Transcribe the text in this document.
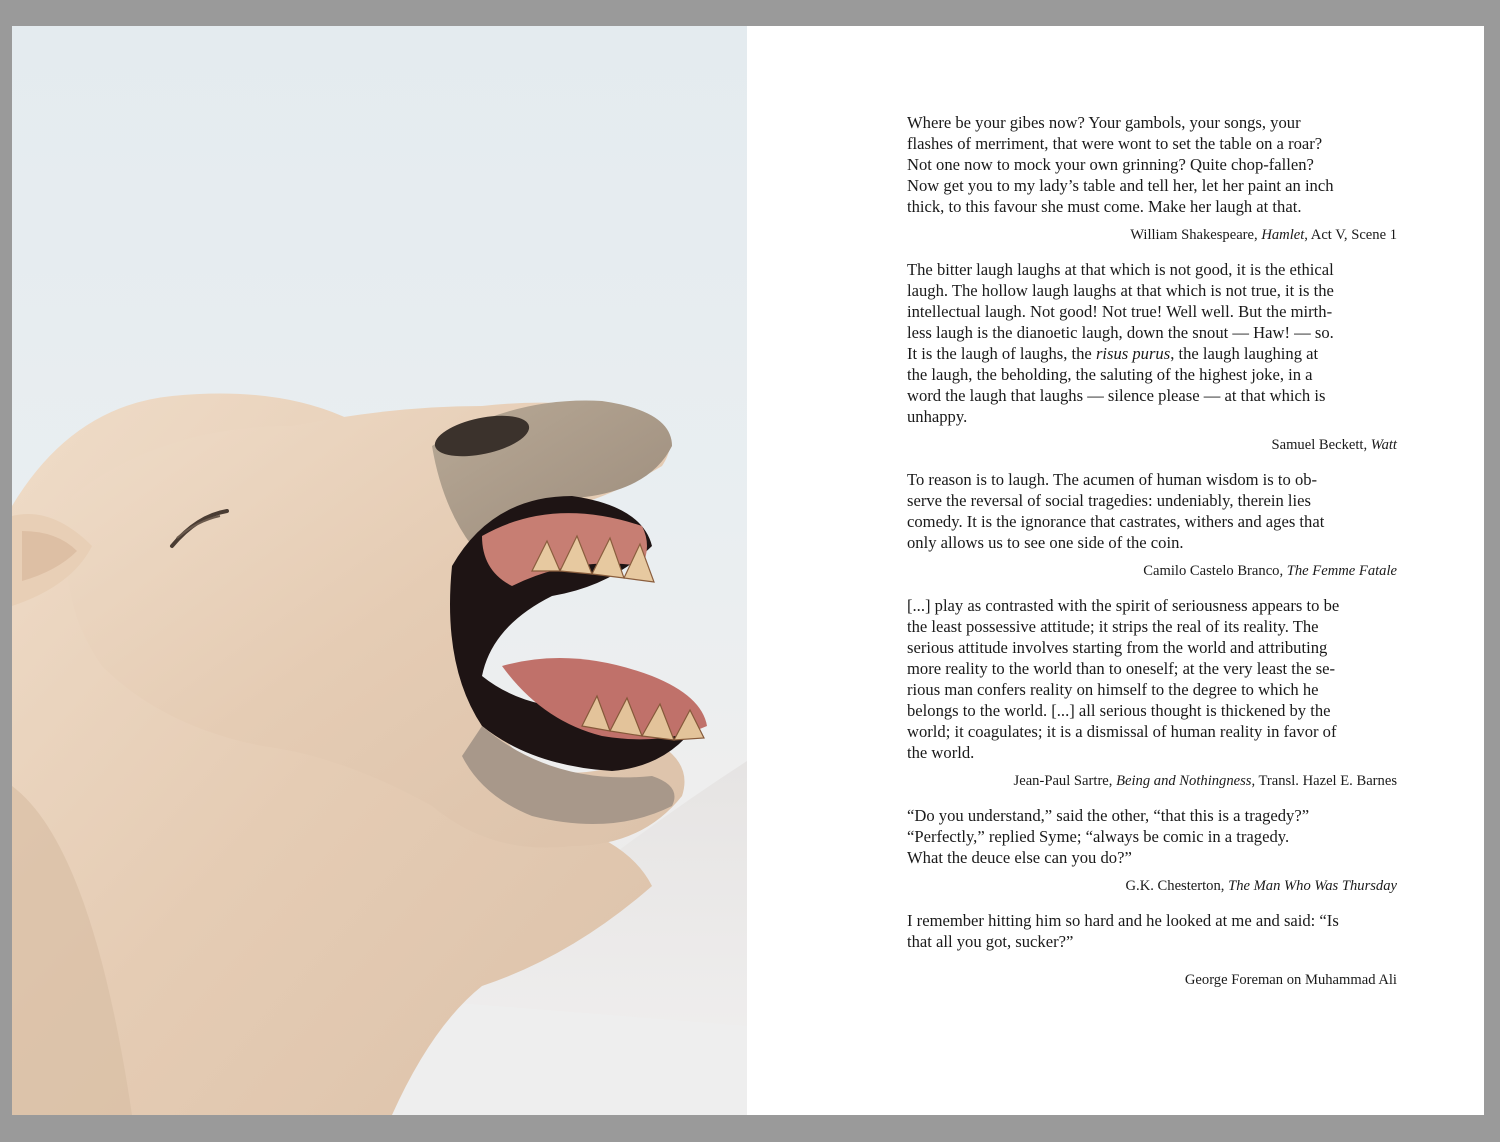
Where be your gibes now? Your gambols, your songs, your
flashes of merriment, that were wont to set the table on a roar?
Not one now to mock your own grinning? Quite chop-fallen?
Now get you to my lady’s table and tell her, let her paint an inch
thick, to this favour she must come. Make her laugh at that.

William Shakespeare, Hamlet, Act V, Scene 1

The bitter laugh laughs at that which is not good, it is the ethical
laugh. The hollow laugh laughs at that which is not true, it is the
intellectual laugh. Not good! Not true! Well well. But the mirth-
less laugh is the dianoetic laugh, down the snout — Haw! — so.
It is the laugh of laughs, the risus purus, the laugh laughing at
the laugh, the beholding, the saluting of the highest joke, in a
word the laugh that laughs — silence please — at that which is
unhappy.

Samuel Beckett, Watt

To reason is to laugh. The acumen of human wisdom is to ob-
serve the reversal of social tragedies: undeniably, therein lies
comedy. It is the ignorance that castrates, withers and ages that
only allows us to see one side of the coin.

Camilo Castelo Branco, The Femme Fatale

[...] play as contrasted with the spirit of seriousness appears to be
the least possessive attitude; it strips the real of its reality. The
serious attitude involves starting from the world and attributing
more reality to the world than to oneself; at the very least the se-
rious man confers reality on himself to the degree to which he
belongs to the world. [...] all serious thought is thickened by the
world; it coagulates; it is a dismissal of human reality in favor of
the world.

Jean-Paul Sartre, Being and Nothingness, Transl. Hazel E. Barnes

“Do you understand,” said the other, “that this is a tragedy?”
“Perfectly,” replied Syme; “always be comic in a tragedy.
What the deuce else can you do?”

G.K. Chesterton, The Man Who Was Thursday

I remember hitting him so hard and he looked at me and said: “Is
that all you got, sucker?”

George Foreman on Muhammad Ali
